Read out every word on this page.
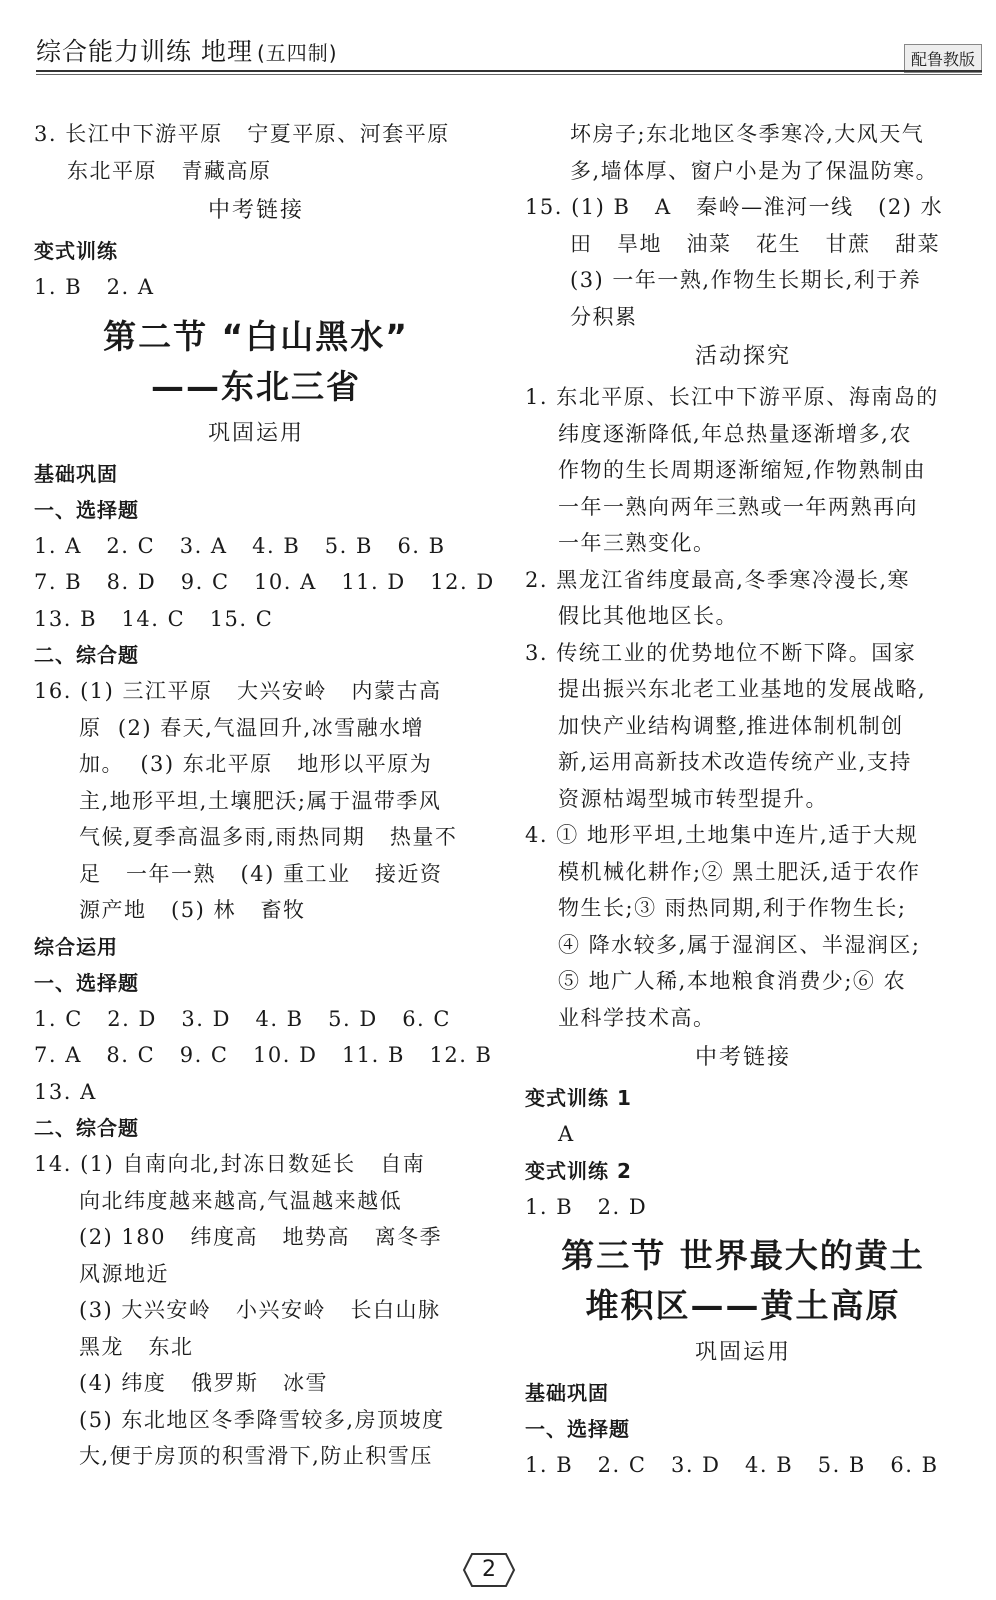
综合能力训练 地理 (五四制)	配鲁教版
3. 长江中下游平原   宁夏平原、河套平原
东北平原   青藏高原
中考链接
变式训练
1. B   2. A
第二节 “白山黑水”
——东北三省
巩固运用
基础巩固
一、选择题
1. A   2. C   3. A   4. B   5. B   6. B
7. B   8. D   9. C   10. A   11. D   12. D
13. B   14. C   15. C
二、综合题
16. (1) 三江平原   大兴安岭   内蒙古高
原  (2) 春天,气温回升,冰雪融水增
加。  (3) 东北平原   地形以平原为
主,地形平坦,土壤肥沃;属于温带季风
气候,夏季高温多雨,雨热同期   热量不
足   一年一熟   (4) 重工业   接近资
源产地   (5) 林   畜牧
综合运用
一、选择题
1. C   2. D   3. D   4. B   5. D   6. C
7. A   8. C   9. C   10. D   11. B   12. B
13. A
二、综合题
14. (1) 自南向北,封冻日数延长   自南
向北纬度越来越高,气温越来越低
(2) 180   纬度高   地势高   离冬季
风源地近
(3) 大兴安岭   小兴安岭   长白山脉
黑龙   东北
(4) 纬度   俄罗斯   冰雪
(5) 东北地区冬季降雪较多,房顶坡度
大,便于房顶的积雪滑下,防止积雪压
坏房子;东北地区冬季寒冷,大风天气
多,墙体厚、窗户小是为了保温防寒。
15. (1) B   A   秦岭—淮河一线   (2) 水
田   旱地   油菜   花生   甘蔗   甜菜
(3) 一年一熟,作物生长期长,利于养
分积累
活动探究
1. 东北平原、长江中下游平原、海南岛的
纬度逐渐降低,年总热量逐渐增多,农
作物的生长周期逐渐缩短,作物熟制由
一年一熟向两年三熟或一年两熟再向
一年三熟变化。
2. 黑龙江省纬度最高,冬季寒冷漫长,寒
假比其他地区长。
3. 传统工业的优势地位不断下降。国家
提出振兴东北老工业基地的发展战略,
加快产业结构调整,推进体制机制创
新,运用高新技术改造传统产业,支持
资源枯竭型城市转型提升。
4. ① 地形平坦,土地集中连片,适于大规
模机械化耕作;② 黑土肥沃,适于农作
物生长;③ 雨热同期,利于作物生长;
④ 降水较多,属于湿润区、半湿润区;
⑤ 地广人稀,本地粮食消费少;⑥ 农
业科学技术高。
中考链接
变式训练 1
A
变式训练 2
1. B   2. D
第三节 世界最大的黄土
堆积区——黄土高原
巩固运用
基础巩固
一、选择题
1. B   2. C   3. D   4. B   5. B   6. B
2
